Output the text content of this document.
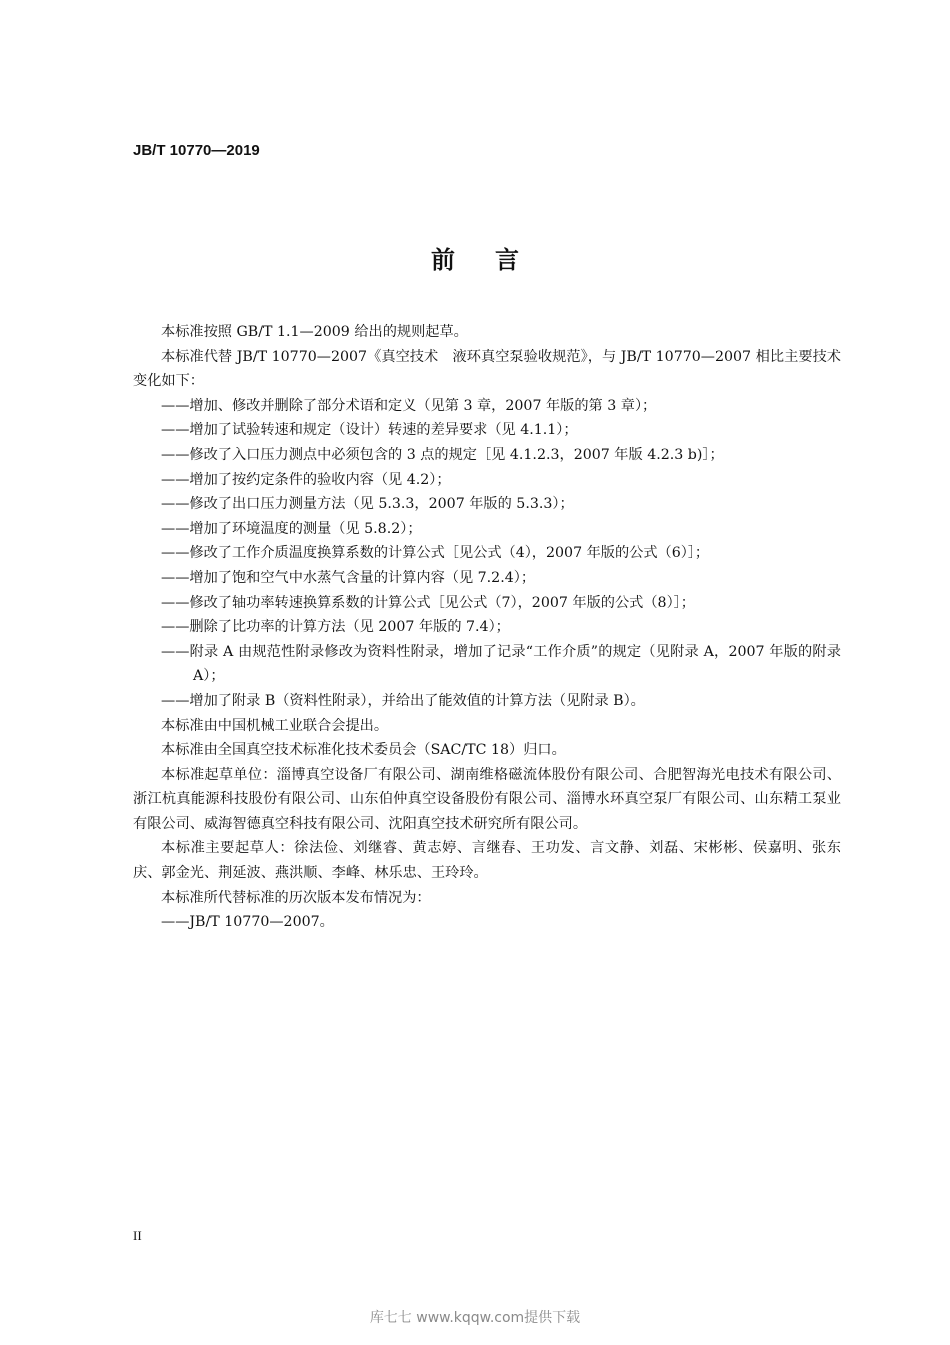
JB/T 10770—2019
前言

本标准按照 GB/T 1.1—2009 给出的规则起草。

本标准代替 JB/T 10770—2007《真空技术　液环真空泵验收规范》，与 JB/T 10770—2007 相比主要技术变化如下：

——增加、修改并删除了部分术语和定义（见第 3 章，2007 年版的第 3 章）；

——增加了试验转速和规定（设计）转速的差异要求（见 4.1.1）；

——修改了入口压力测点中必须包含的 3 点的规定［见 4.1.2.3，2007 年版 4.2.3 b)］；

——增加了按约定条件的验收内容（见 4.2）；

——修改了出口压力测量方法（见 5.3.3，2007 年版的 5.3.3）；

——增加了环境温度的测量（见 5.8.2）；

——修改了工作介质温度换算系数的计算公式［见公式（4），2007 年版的公式（6）］；

——增加了饱和空气中水蒸气含量的计算内容（见 7.2.4）；

——修改了轴功率转速换算系数的计算公式［见公式（7），2007 年版的公式（8）］；

——删除了比功率的计算方法（见 2007 年版的 7.4）；

——附录 A 由规范性附录修改为资料性附录，增加了记录“工作介质”的规定（见附录 A，2007 年版的附录 A）；

——增加了附录 B（资料性附录），并给出了能效值的计算方法（见附录 B）。

本标准由中国机械工业联合会提出。

本标准由全国真空技术标准化技术委员会（SAC/TC 18）归口。

本标准起草单位：淄博真空设备厂有限公司、湖南维格磁流体股份有限公司、合肥智海光电技术有限公司、浙江杭真能源科技股份有限公司、山东伯仲真空设备股份有限公司、淄博水环真空泵厂有限公司、山东精工泵业有限公司、威海智德真空科技有限公司、沈阳真空技术研究所有限公司。

本标准主要起草人：徐法俭、刘继睿、黄志婷、言继春、王功发、言文静、刘磊、宋彬彬、侯嘉明、张东庆、郭金光、荆延波、燕洪顺、李峰、林乐忠、王玲玲。

本标准所代替标准的历次版本发布情况为：

——JB/T 10770—2007。

II
库七七 www.kqqw.com提供下载
